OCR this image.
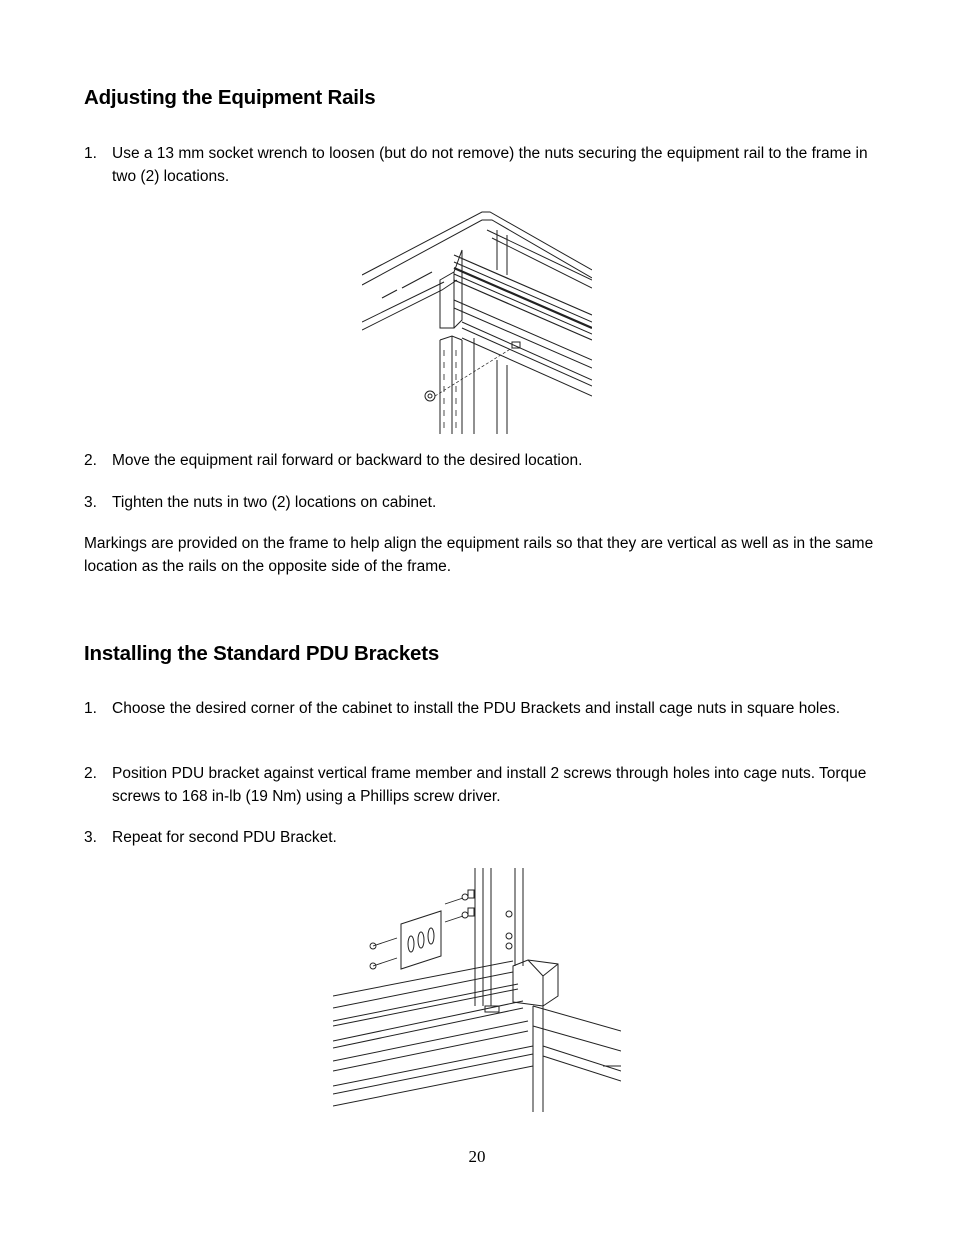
Adjusting the Equipment Rails
1. Use a 13 mm socket wrench to loosen (but do not remove) the nuts securing the equipment rail to the frame in two (2) locations.
2. Move the equipment rail forward or backward to the desired location.
3. Tighten the nuts in two (2) locations on cabinet.

Markings are provided on the frame to help align the equipment rails so that they are vertical as well as in the same location as the rails on the opposite side of the frame.

Installing the Standard PDU Brackets
1. Choose the desired corner of the cabinet to install the PDU Brackets and install cage nuts in square holes.
2. Position PDU bracket against vertical frame member and install 2 screws through holes into cage nuts. Torque screws to 168 in-lb (19 Nm) using a Phillips screw driver.
3. Repeat for second PDU Bracket.
20
